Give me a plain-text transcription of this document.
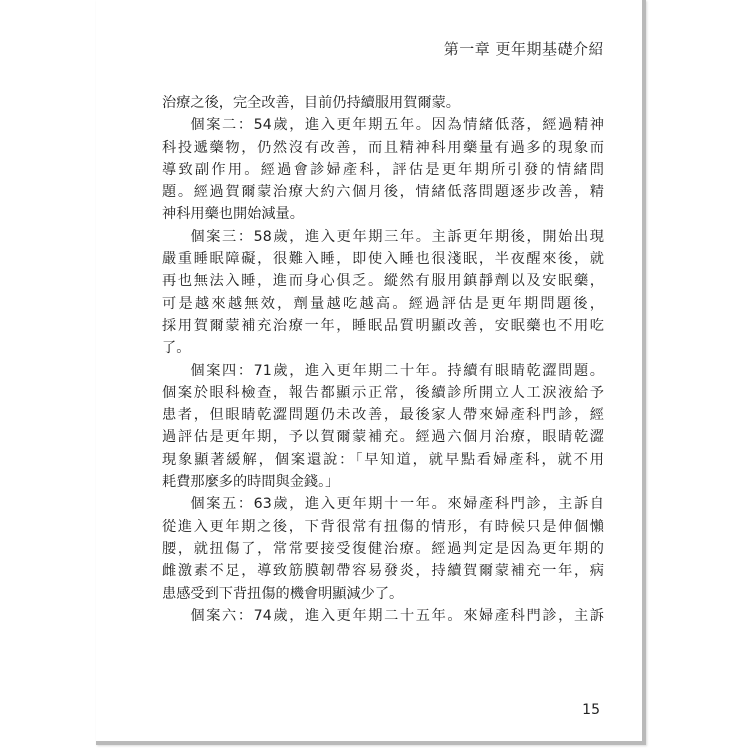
第一章 更年期基礎介紹
治療之後，完全改善，目前仍持續服用賀爾蒙。
個案二：54歲，進入更年期五年。因為情緒低落，經過精神
科投遞藥物，仍然沒有改善，而且精神科用藥量有過多的現象而
導致副作用。經過會診婦產科，評估是更年期所引發的情緒問
題。經過賀爾蒙治療大約六個月後，情緒低落問題逐步改善，精
神科用藥也開始減量。
個案三：58歲，進入更年期三年。主訴更年期後，開始出現
嚴重睡眠障礙，很難入睡，即使入睡也很淺眠，半夜醒來後，就
再也無法入睡，進而身心俱乏。縱然有服用鎮靜劑以及安眠藥，
可是越來越無效，劑量越吃越高。經過評估是更年期問題後，
採用賀爾蒙補充治療一年，睡眠品質明顯改善，安眠藥也不用吃
了。
個案四：71歲，進入更年期二十年。持續有眼睛乾澀問題。
個案於眼科檢查，報告都顯示正常，後續診所開立人工淚液給予
患者，但眼睛乾澀問題仍未改善，最後家人帶來婦產科門診，經
過評估是更年期，予以賀爾蒙補充。經過六個月治療，眼睛乾澀
現象顯著緩解，個案還說：「早知道，就早點看婦產科，就不用
耗費那麼多的時間與金錢。」
個案五：63歲，進入更年期十一年。來婦產科門診，主訴自
從進入更年期之後，下背很常有扭傷的情形，有時候只是伸個懶
腰，就扭傷了，常常要接受復健治療。經過判定是因為更年期的
雌激素不足，導致筋膜韌帶容易發炎，持續賀爾蒙補充一年，病
患感受到下背扭傷的機會明顯減少了。
個案六：74歲，進入更年期二十五年。來婦產科門診，主訴
15
